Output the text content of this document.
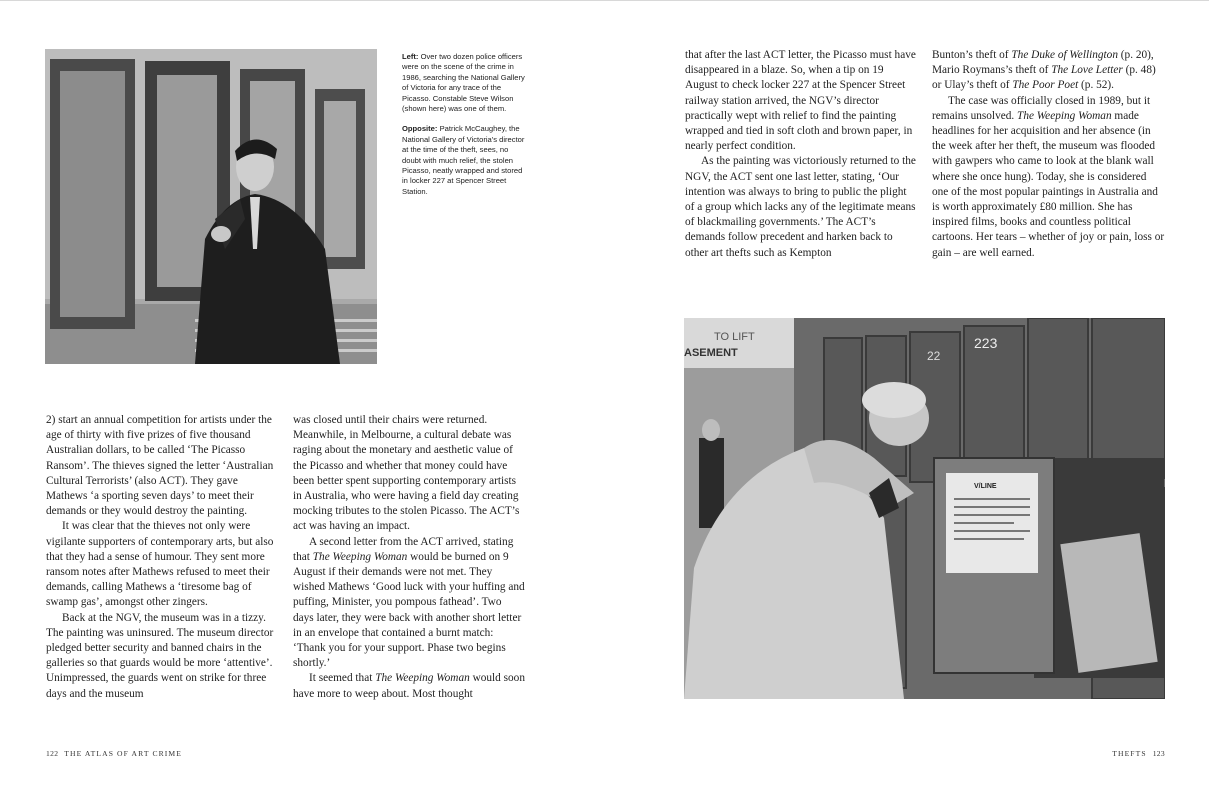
Left: Over two dozen police officers were on the scene of the crime in 1986, searching the National Gallery of Victoria for any trace of the Picasso. Constable Steve Wilson (shown here) was one of them.

Opposite: Patrick McCaughey, the National Gallery of Victoria's director at the time of the theft, sees, no doubt with much relief, the stolen Picasso, neatly wrapped and stored in locker 227 at Spencer Street Station.

2) start an annual competition for artists under the age of thirty with five prizes of five thousand Australian dollars, to be called ‘The Picasso Ransom’. The thieves signed the letter ‘Australian Cultural Terrorists’ (also ACT). They gave Mathews ‘a sporting seven days’ to meet their demands or they would destroy the painting.

It was clear that the thieves not only were vigilante supporters of contemporary arts, but also that they had a sense of humour. They sent more ransom notes after Mathews refused to meet their demands, calling Mathews a ‘tiresome bag of swamp gas’, amongst other zingers.

Back at the NGV, the museum was in a tizzy. The painting was uninsured. The museum director pledged better security and banned chairs in the galleries so that guards would be more ‘attentive’. Unimpressed, the guards went on strike for three days and the museum

was closed until their chairs were returned. Meanwhile, in Melbourne, a cultural debate was raging about the monetary and aesthetic value of the Picasso and whether that money could have been better spent supporting contemporary artists in Australia, who were having a field day creating mocking tributes to the stolen Picasso. The ACT’s act was having an impact.

A second letter from the ACT arrived, stating that The Weeping Woman would be burned on 9 August if their demands were not met. They wished Mathews ‘Good luck with your huffing and puffing, Minister, you pompous fathead’. Two days later, they were back with another short letter in an envelope that contained a burnt match: ‘Thank you for your support. Phase two begins shortly.’

It seemed that The Weeping Woman would soon have more to weep about. Most thought

that after the last ACT letter, the Picasso must have disappeared in a blaze. So, when a tip on 19 August to check locker 227 at the Spencer Street railway station arrived, the NGV’s director practically wept with relief to find the painting wrapped and tied in soft cloth and brown paper, in nearly perfect condition.

As the painting was victoriously returned to the NGV, the ACT sent one last letter, stating, ‘Our intention was always to bring to public the plight of a group which lacks any of the legitimate means of blackmailing governments.’ The ACT’s demands follow precedent and harken back to other art thefts such as Kempton

Bunton’s theft of The Duke of Wellington (p. 20), Mario Roymans’s theft of The Love Letter (p. 48) or Ulay’s theft of The Poor Poet (p. 52).

The case was officially closed in 1989, but it remains unsolved. The Weeping Woman made headlines for her acquisition and her absence (in the week after her theft, the museum was flooded with gawpers who came to look at the blank wall where she once hung). Today, she is considered one of the most popular paintings in Australia and is worth approximately £80 million. She has inspired films, books and countless political cartoons. Her tears – whether of joy or pain, loss or gain – are well earned.

TO LIFT
ASEMENT
223
22
V/LINE
122 THE ATLAS OF ART CRIME	THEFTS 123
